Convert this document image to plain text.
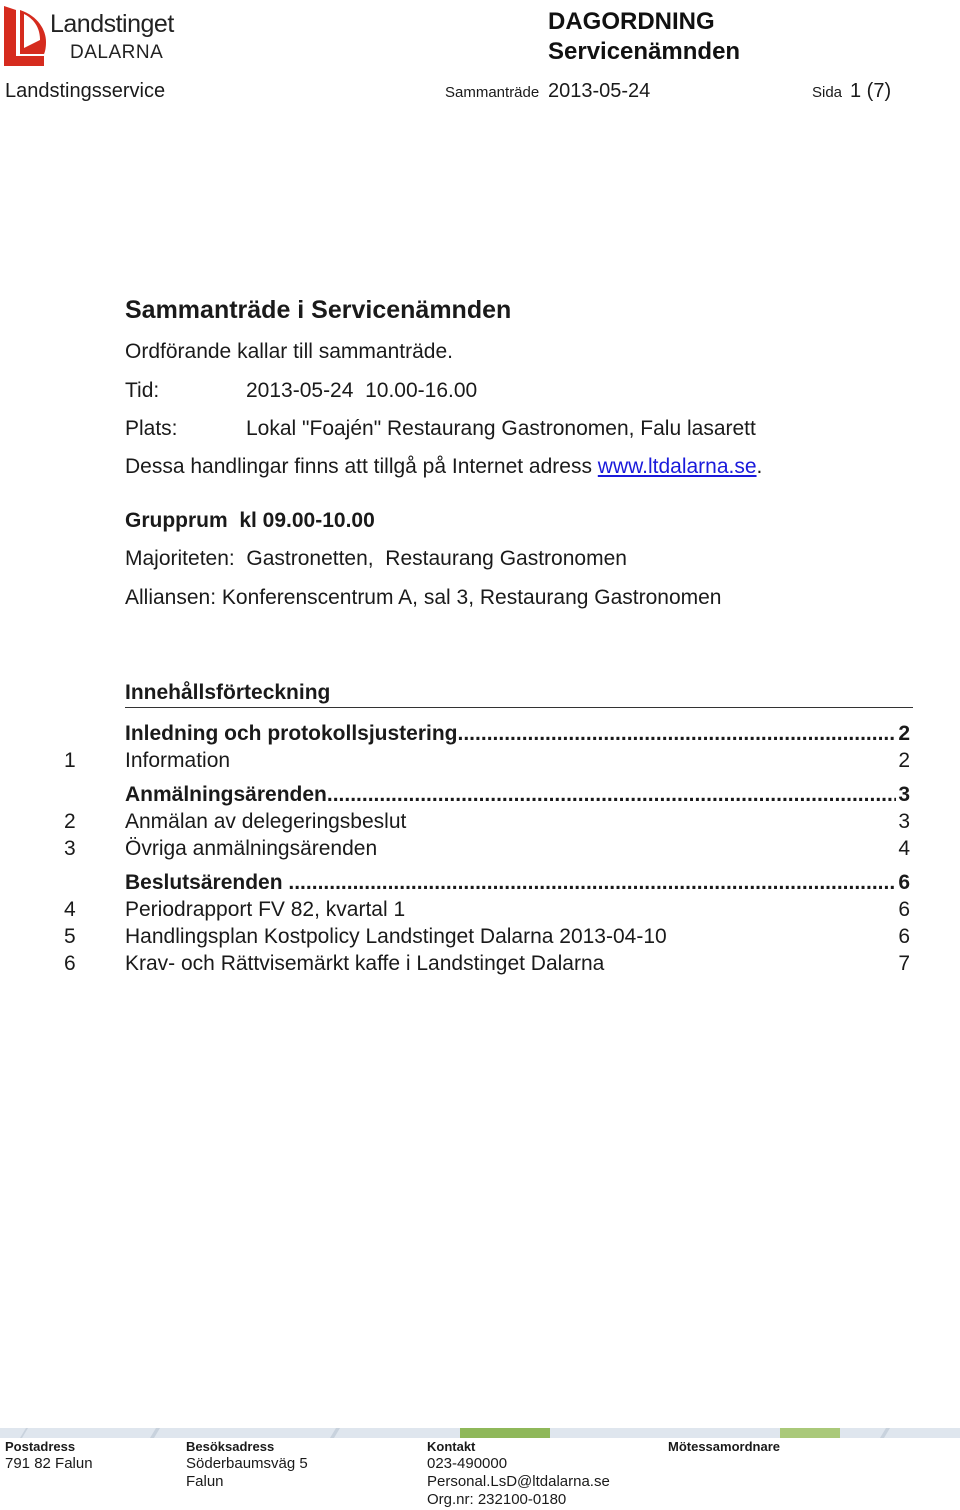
Landstinget
DALARNA
DAGORDNING
Servicenämnden
Landstingsservice	Sammanträde 2013-05-24	Sida 1 (7)
Sammanträde i Servicenämnden
Ordförande kallar till sammanträde.
Tid:	2013-05-24  10.00-16.00
Plats:	Lokal "Foajén" Restaurang Gastronomen, Falu lasarett
Dessa handlingar finns att tillgå på Internet adress www.ltdalarna.se.
Grupprum  kl 09.00-10.00
Majoriteten:  Gastronetten,  Restaurang Gastronomen
Alliansen: Konferenscentrum A, sal 3, Restaurang Gastronomen
Innehållsförteckning
Inledning och protokollsjustering .....	2
1 Information	2
Anmälningsärenden .....	3
2 Anmälan av delegeringsbeslut	3
3 Övriga anmälningsärenden	4
Beslutsärenden .....	6
4 Periodrapport FV 82, kvartal 1	6
5 Handlingsplan Kostpolicy Landstinget Dalarna 2013-04-10	6
6 Krav- och Rättvisemärkt kaffe i Landstinget Dalarna	7
Postadress
791 82 Falun
Besöksadress
Söderbaumsväg 5
Falun
Kontakt
023-490000
Personal.LsD@ltdalarna.se
Org.nr: 232100-0180
Mötessamordnare
